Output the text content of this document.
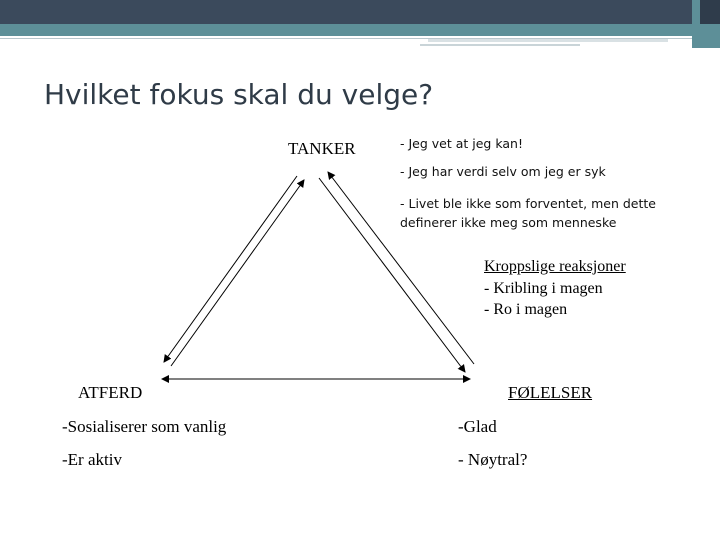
Hvilket fokus skal du velge?
TANKER
ATFERD	FØLELSER
- Jeg vet at jeg kan!
- Jeg har verdi selv om jeg er syk
- Livet ble ikke som forventet, men dette
definerer ikke meg som menneske
Kroppslige reaksjoner
- Kribling i magen
- Ro i magen
-Sosialiserer som vanlig
-Er aktiv
-Glad
- Nøytral?
